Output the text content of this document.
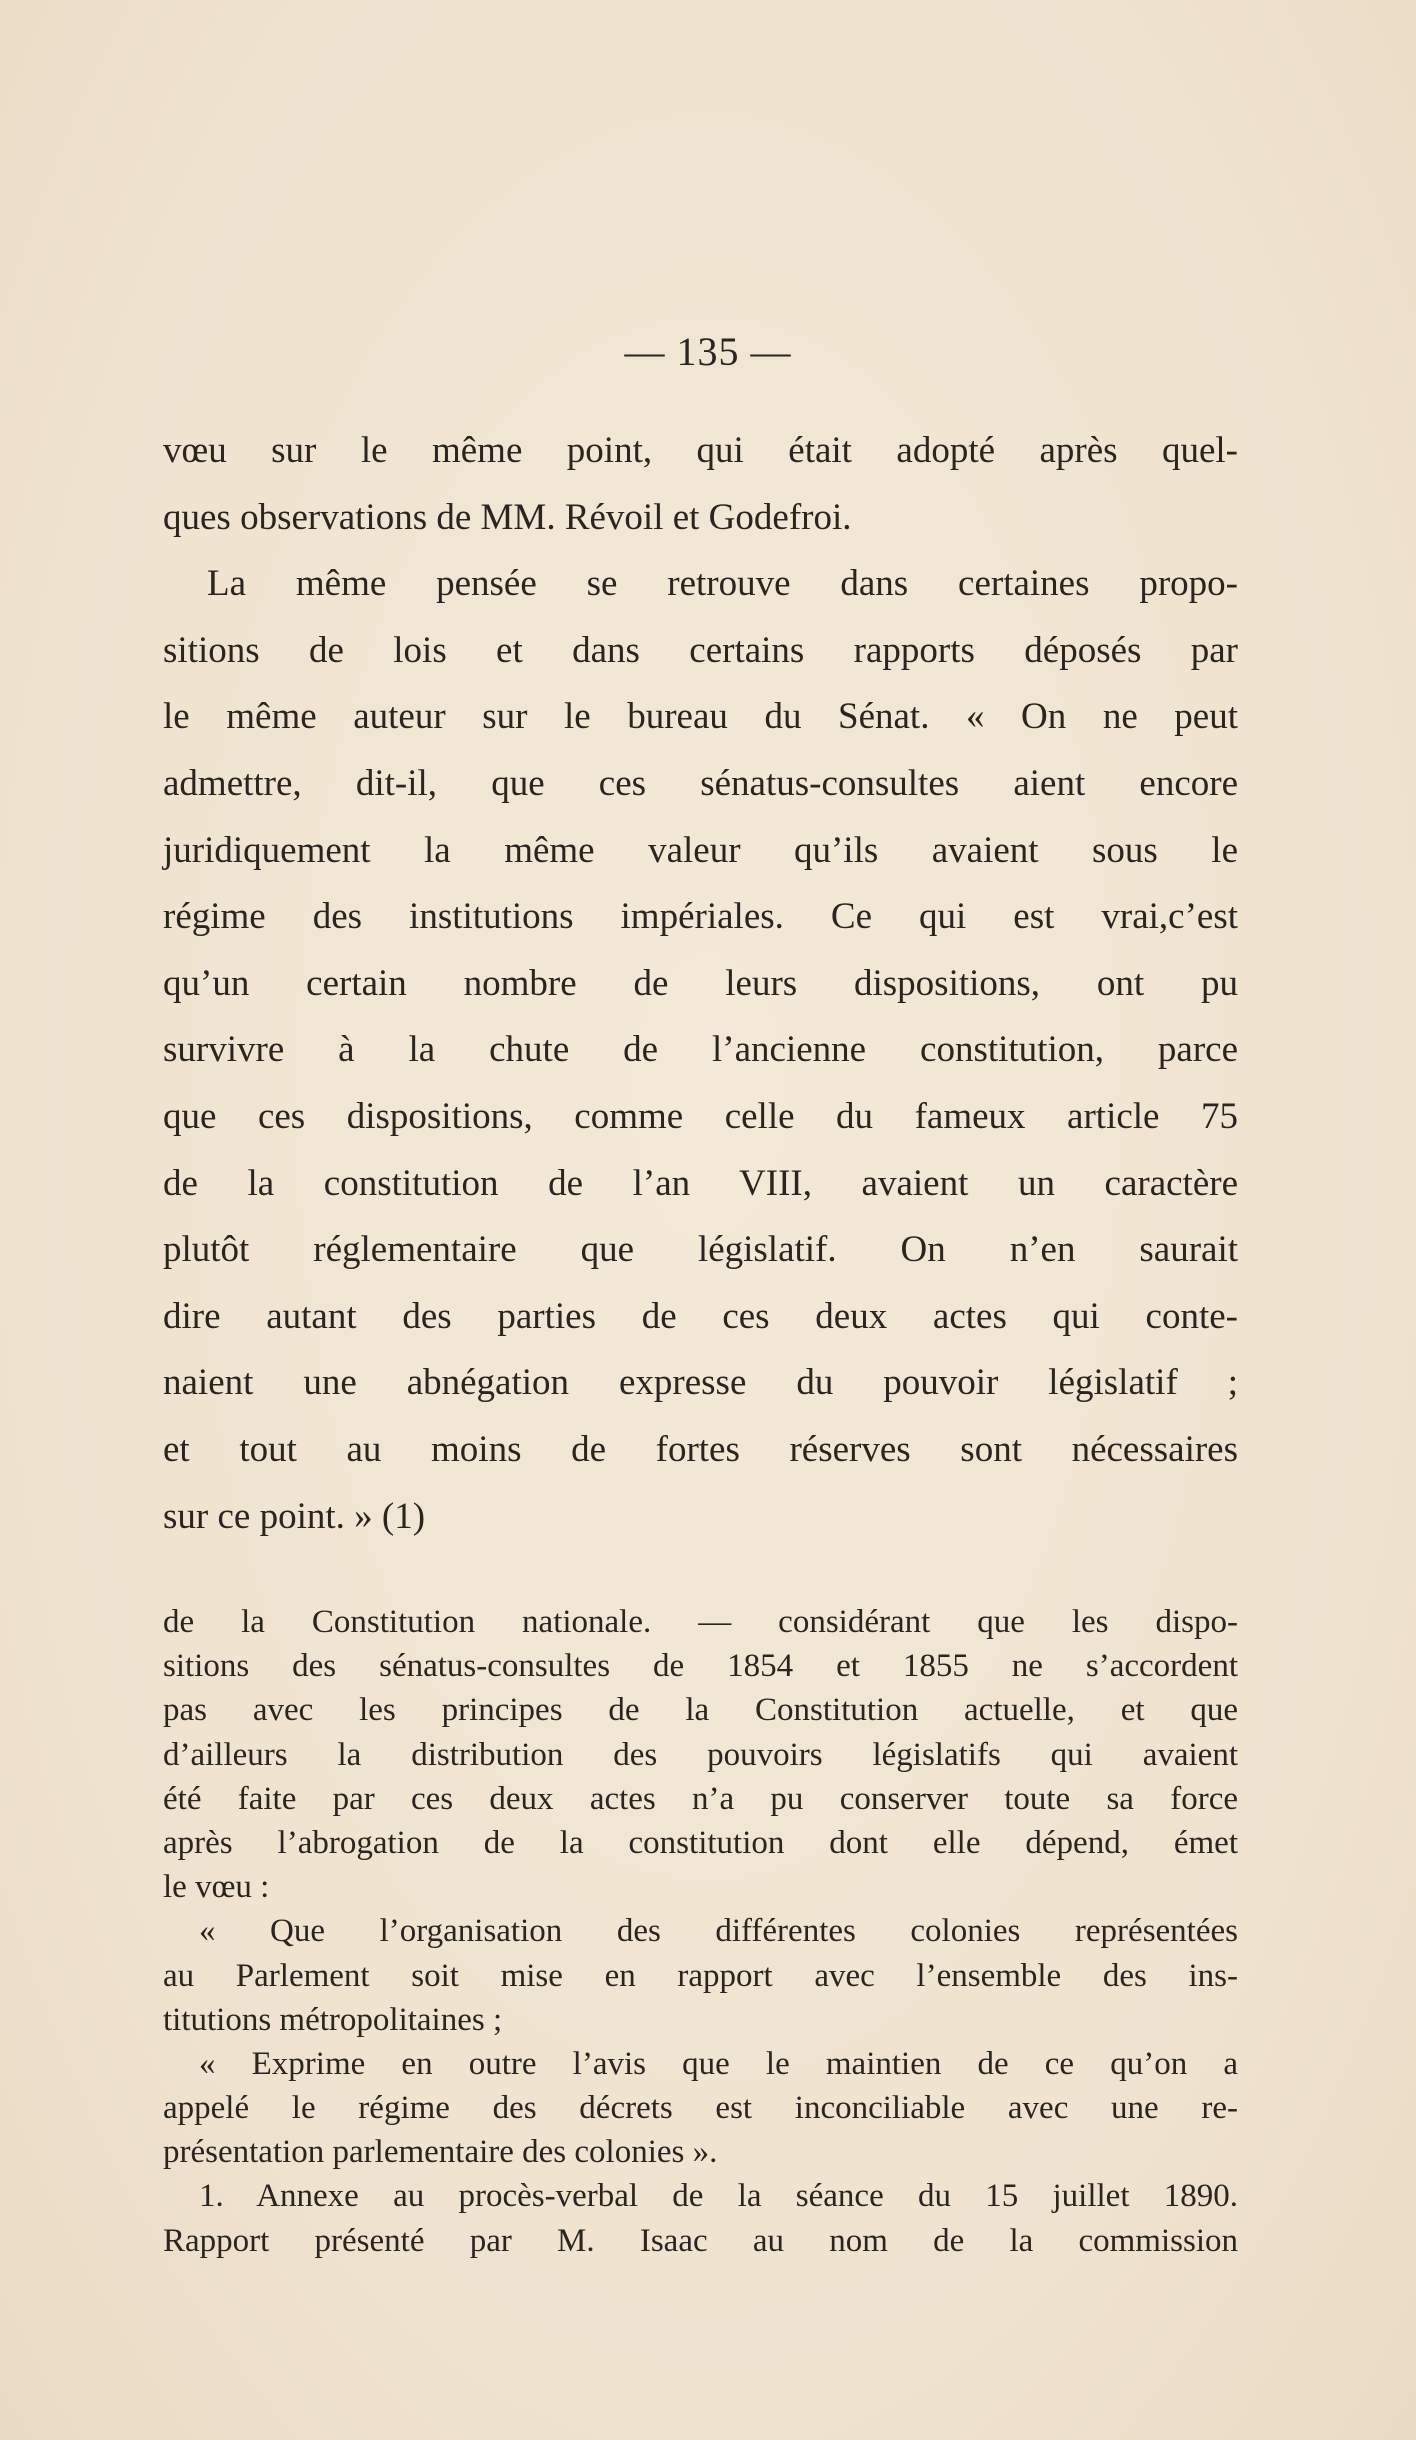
— 135 —
vœu sur le même point, qui était adopté après quel-
ques observations de MM. Révoil et Godefroi.
La même pensée se retrouve dans certaines propo-
sitions de lois et dans certains rapports déposés par
le même auteur sur le bureau du Sénat. « On ne peut
admettre, dit-il, que ces sénatus-consultes aient encore
juridiquement la même valeur qu’ils avaient sous le
régime des institutions impériales. Ce qui est vrai,c’est
qu’un certain nombre de leurs dispositions, ont pu
survivre à la chute de l’ancienne constitution, parce
que ces dispositions, comme celle du fameux article 75
de la constitution de l’an VIII, avaient un caractère
plutôt réglementaire que législatif. On n’en saurait
dire autant des parties de ces deux actes qui conte-
naient une abnégation expresse du pouvoir législatif ;
et tout au moins de fortes réserves sont nécessaires
sur ce point. » (1)
de la Constitution nationale. — considérant que les dispo-
sitions des sénatus-consultes de 1854 et 1855 ne s’accordent
pas avec les principes de la Constitution actuelle, et que
d’ailleurs la distribution des pouvoirs législatifs qui avaient
été faite par ces deux actes n’a pu conserver toute sa force
après l’abrogation de la constitution dont elle dépend, émet
le vœu :
« Que l’organisation des différentes colonies représentées
au Parlement soit mise en rapport avec l’ensemble des ins-
titutions métropolitaines ;
« Exprime en outre l’avis que le maintien de ce qu’on a
appelé le régime des décrets est inconciliable avec une re-
présentation parlementaire des colonies ».
1. Annexe au procès-verbal de la séance du 15 juillet 1890.
Rapport présenté par M. Isaac au nom de la commission
